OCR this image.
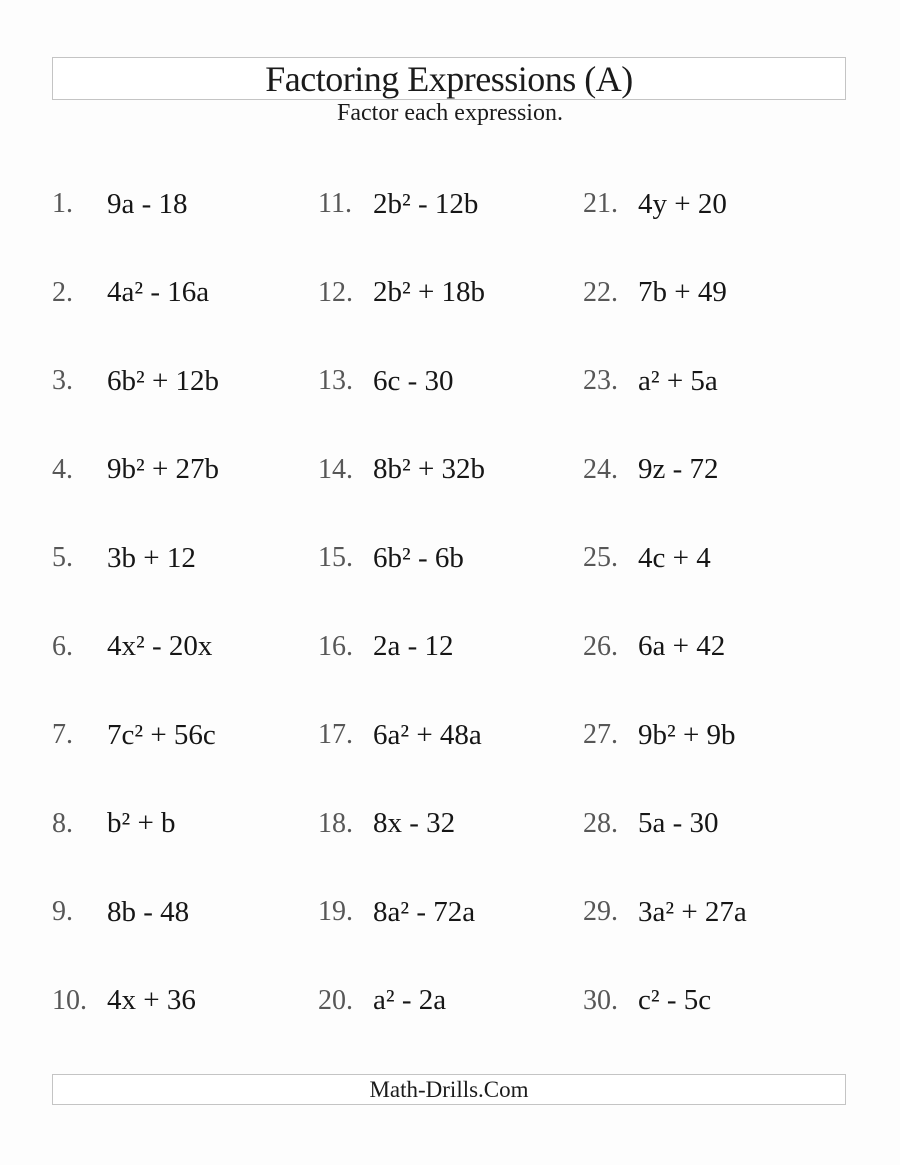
Factoring Expressions (A)
Factor each expression.
1.	9a - 18
2.	4a² - 16a
3.	6b² + 12b
4.	9b² + 27b
5.	3b + 12
6.	4x² - 20x
7.	7c² + 56c
8.	b² + b
9.	8b - 48
10. 4x + 36
11. 2b² - 12b
12. 2b² + 18b
13. 6c - 30
14. 8b² + 32b
15. 6b² - 6b
16. 2a - 12
17. 6a² + 48a
18. 8x - 32
19. 8a² - 72a
20. a² - 2a
21. 4y + 20
22. 7b + 49
23. a² + 5a
24. 9z - 72
25. 4c + 4
26. 6a + 42
27. 9b² + 9b
28. 5a - 30
29. 3a² + 27a
30. c² - 5c
Math-Drills.Com
